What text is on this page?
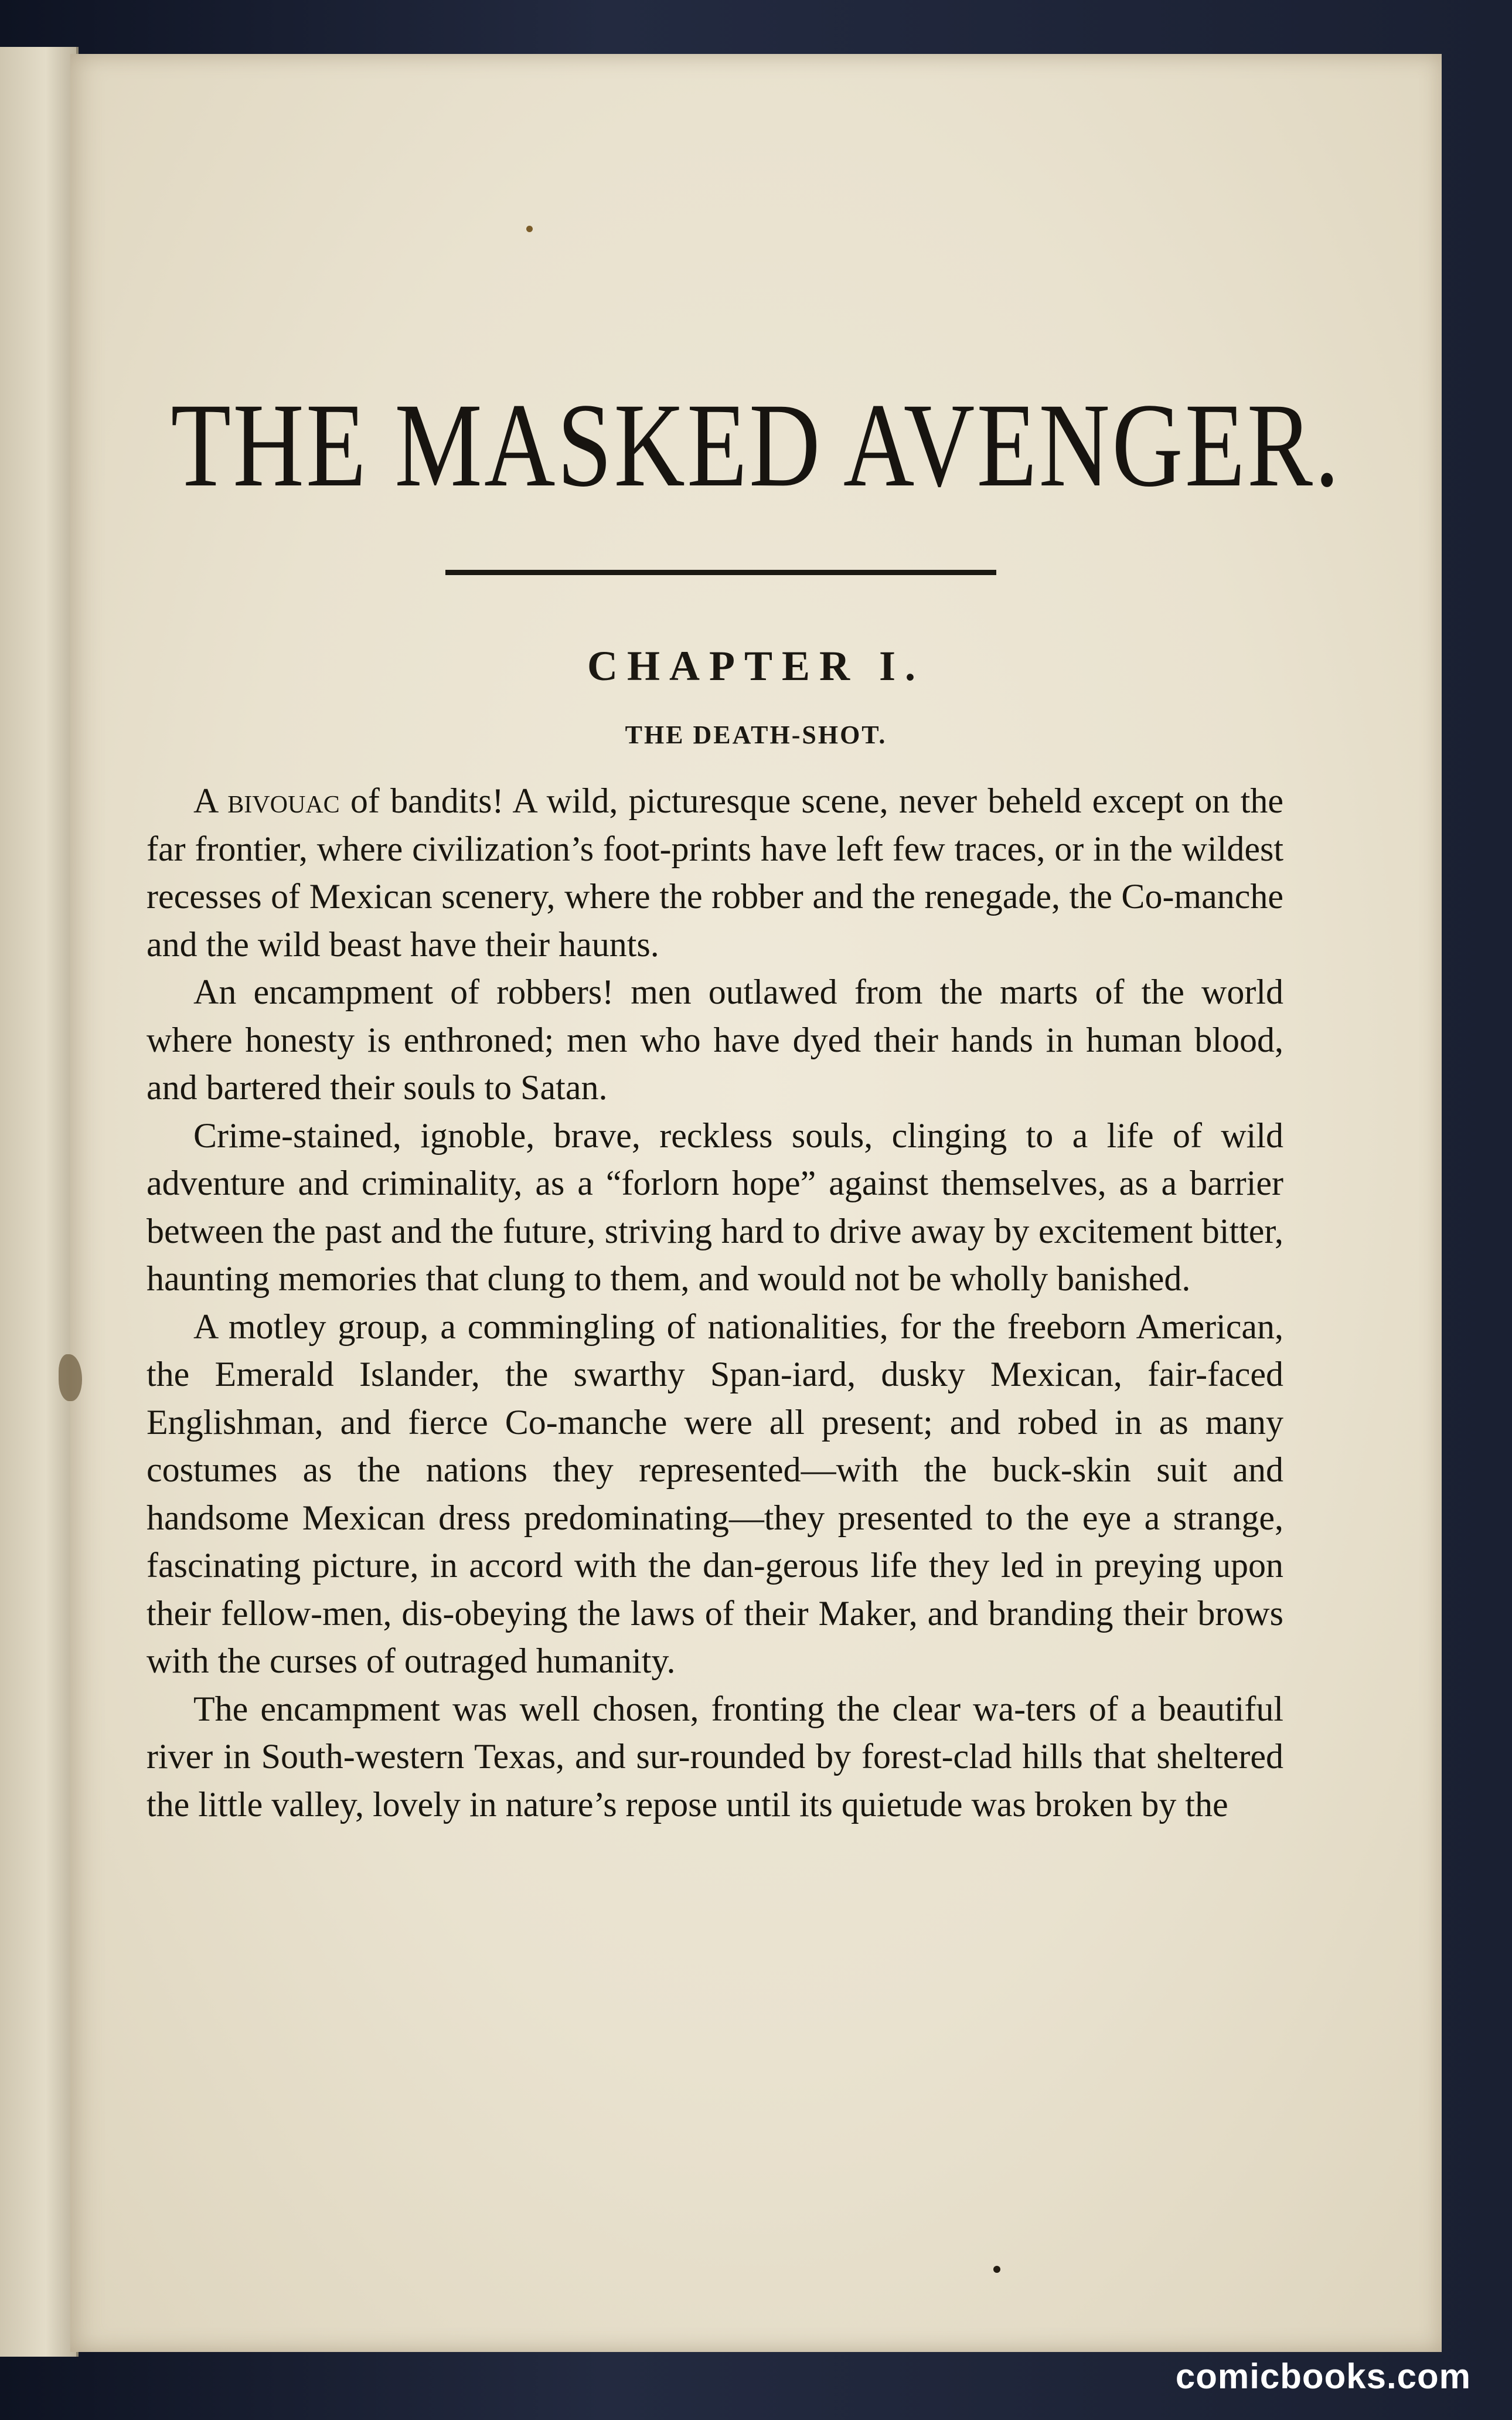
THE MASKED AVENGER.
CHAPTER I.
THE DEATH-SHOT.

A bivouac of bandits! A wild, picturesque scene, never beheld except on the far frontier, where civilization’s foot-prints have left few traces, or in the wildest recesses of Mexican scenery, where the robber and the renegade, the Co-manche and the wild beast have their haunts.

An encampment of robbers! men outlawed from the marts of the world where honesty is enthroned; men who have dyed their hands in human blood, and bartered their souls to Satan.

Crime-stained, ignoble, brave, reckless souls, clinging to a life of wild adventure and criminality, as a “forlorn hope” against themselves, as a barrier between the past and the future, striving hard to drive away by excitement bitter, haunting memories that clung to them, and would not be wholly banished.

A motley group, a commingling of nationalities, for the freeborn American, the Emerald Islander, the swarthy Span-iard, dusky Mexican, fair-faced Englishman, and fierce Co-manche were all present; and robed in as many costumes as the nations they represented—with the buck-skin suit and handsome Mexican dress predominating—they presented to the eye a strange, fascinating picture, in accord with the dan-gerous life they led in preying upon their fellow-men, dis-obeying the laws of their Maker, and branding their brows with the curses of outraged humanity.

The encampment was well chosen, fronting the clear wa-ters of a beautiful river in South-western Texas, and sur-rounded by forest-clad hills that sheltered the little valley, lovely in nature’s repose until its quietude was broken by the

comicbooks.com
